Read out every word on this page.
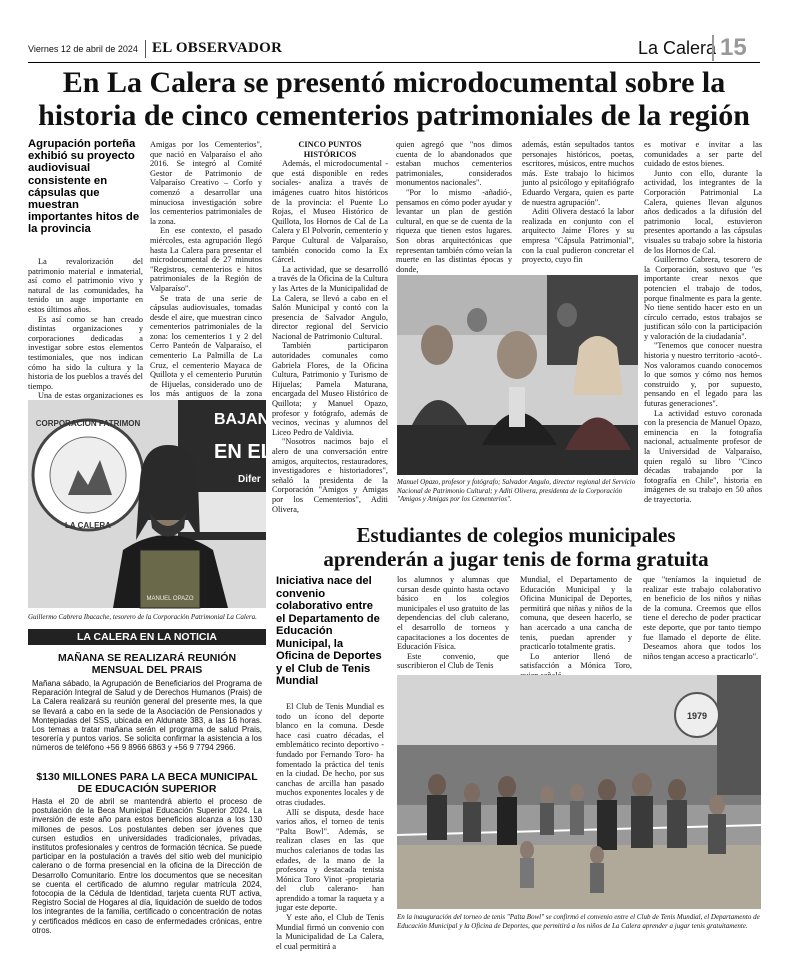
Viernes 12 de abril de 2024 EL OBSERVADOR	La Calera 15
En La Calera se presentó microdocumental sobre la
historia de cinco cementerios patrimoniales de la región
Agrupación porteña exhibió su proyecto audiovisual consistente en cápsulas que muestran importantes hitos de la provincia

La revalorización del patrimonio material e inmaterial, así como el patrimonio vivo y natural de las comunidades, ha tenido un auge importante en estos últimos años.

Es así como se han creado distintas organizaciones y corporaciones dedicadas a investigar sobre estos elementos testimoniales, que nos indican cómo ha sido la cultura y la historia de los pueblos a través del tiempo.

Una de estas organizaciones es

Amigas por los Cementerios", que nació en Valparaíso el año 2016. Se integró al Comité Gestor de Patrimonio de Valparaíso Creativo – Corfo y comenzó a desarrollar una minuciosa investigación sobre los cementerios patrimoniales de la zona.

En ese contexto, el pasado miércoles, esta agrupación llegó hasta La Calera para presentar el microdocumental de 27 minutos "Registros, cementerios e hitos patrimoniales de la Región de Valparaíso".

Se trata de una serie de cápsulas audiovisuales, tomadas desde el aire, que muestran cinco cementerios patrimoniales de la zona: los cementerios 1 y 2 del Cerro Panteón de Valparaíso, el cementerio La Palmilla de La Cruz, el cementerio Mayaca de Quillota y el cementerio Purutún de Hijuelas, considerado uno de los más antiguos de la zona

CINCO PUNTOS HISTÓRICOS

Además, el microdocumental -que está disponible en redes sociales- analiza a través de imágenes cuatro hitos históricos de la provincia: el Puente Lo Rojas, el Museo Histórico de Quillota, los Hornos de Cal de La Calera y El Polvorín, cementerio y Parque Cultural de Valparaíso, también conocido como la Ex Cárcel.

La actividad, que se desarrolló a través de la Oficina de la Cultura y las Artes de la Municipalidad de La Calera, se llevó a cabo en el Salón Municipal y contó con la presencia de Salvador Angulo, director regional del Servicio Nacional de Patrimonio Cultural.

También participaron autoridades comunales como Gabriela Flores, de la Oficina Cultura, Patrimonio y Turismo de Hijuelas; Pamela Maturana, encargada del Museo Histórico de Quillota; y Manuel Opazo, profesor y fotógrafo, además de vecinos, vecinas y alumnos del Liceo Pedro de Valdivia.

"Nosotros nacimos bajo el alero de una conversación entre amigos, arquitectos, restauradores, investigadores e historiadores", señaló la presidenta de la Corporación "Amigos y Amigas por los Cementerios", Aditi Olivera,

quien agregó que "nos dimos cuenta de lo abandonados que estaban muchos cementerios patrimoniales, considerados monumentos nacionales".

"Por lo mismo -añadió-, pensamos en cómo poder ayudar y levantar un plan de gestión cultural, en que se de cuenta de la riqueza que tienen estos lugares. Son obras arquitectónicas que representan también cómo veían la muerte en las distintas épocas y donde,

además, están sepultados tantos personajes históricos, poetas, escritores, músicos, entre muchos más. Este trabajo lo hicimos junto al psicólogo y epitafiógrafo Eduardo Vergara, quien es parte de nuestra agrupación".

Aditi Olivera destacó la labor realizada en conjunto con el arquitecto Jaime Flores y su empresa "Cápsula Patrimonial", con la cual pudieron concretar el proyecto, cuyo fin

es motivar e invitar a las comunidades a ser parte del cuidado de estos bienes.

Junto con ello, durante la actividad, los integrantes de la Corporación Patrimonial La Calera, quienes llevan algunos años dedicados a la difusión del patrimonio local, estuvieron presentes aportando a las cápsulas visuales su trabajo sobre la historia de los Hornos de Cal.

Guillermo Cabrera, tesorero de la Corporación, sostuvo que "es importante crear nexos que potencien el trabajo de todos, porque finalmente es para la gente. No tiene sentido hacer esto en un círculo cerrado, estos trabajos se justifican sólo con la participación y valoración de la ciudadanía".

"Tenemos que conocer nuestra historia y nuestro territorio -acotó-. Nos valoramos cuando conocemos lo que somos y cómo nos hemos construido y, por supuesto, pensando en el legado para las futuras generaciones".

La actividad estuvo coronada con la presencia de Manuel Opazo, eminencia en la fotografía nacional, actualmente profesor de la Universidad de Valparaíso, quien regaló su libro "Cinco décadas trabajando por la fotografía en Chile", historia en imágenes de su trabajo en 50 años de trayectoria.

CORPORACION PATRIMON
LA CALERA
BAJAN
EN EL
Difer
MANUEL OPAZO
Guillermo Cabrera Ibacache, tesorero de la Corporación Patrimonial La Calera.
Manuel Opazo, profesor y fotógrafo; Salvador Angulo, director regional del Servicio Nacional de Patrimonio Cultural; y Aditi Olivera, presidenta de la Corporación "Amigos y Amigas por los Cementerios".
LA CALERA EN LA NOTICIA
MAÑANA SE REALIZARÁ REUNIÓN MENSUAL DEL PRAIS

Mañana sábado, la Agrupación de Beneficiarios del Programa de Reparación Integral de Salud y de Derechos Humanos (Prais) de La Calera realizará su reunión general del presente mes, la que se llevará a cabo en la sede de la Asociación de Pensionados y Montepiadas del SSS, ubicada en Aldunate 383, a las 16 horas. Los temas a tratar mañana serán el programa de salud Prais, tesorería y puntos varios. Se solicita confirmar la asistencia a los números de teléfono +56 9 8966 6863 y +56 9 7794 2966.

$130 MILLONES PARA LA BECA MUNICIPAL DE EDUCACIÓN SUPERIOR

Hasta el 20 de abril se mantendrá abierto el proceso de postulación de la Beca Municipal Educación Superior 2024. La inversión de este año para estos beneficios alcanza a los 130 millones de pesos. Los postulantes deben ser jóvenes que cursen estudios en universidades tradicionales, privadas, institutos profesionales y centros de formación técnica. Se puede participar en la postulación a través del sitio web del municipio calerano o de forma presencial en la oficina de la Dirección de Desarrollo Comunitario. Entre los documentos que se necesitan se cuenta el certificado de alumno regular matrícula 2024, fotocopia de la Cédula de Identidad, tarjeta cuenta RUT activa, Registro Social de Hogares al día, liquidación de sueldo de todos los integrantes de la familia, certificado o concentración de notas y certificados médicos en caso de enfermedades crónicas, entre otros.

Estudiantes de colegios municipales
aprenderán a jugar tenis de forma gratuita
Iniciativa nace del convenio colaborativo entre el Departamento de Educación Municipal, la Oficina de Deportes y el Club de Tenis Mundial

El Club de Tenis Mundial es todo un ícono del deporte blanco en la comuna. Desde hace casi cuatro décadas, el emblemático recinto deportivo -fundado por Fernando Toro- ha fomentado la práctica del tenis en la ciudad. De hecho, por sus canchas de arcilla han pasado muchos exponentes locales y de otras ciudades.

Allí se disputa, desde hace varios años, el torneo de tenis "Palta Bowl". Además, se realizan clases en las que muchos calerianos de todas las edades, de la mano de la profesora y destacada tenista Mónica Toro Vinot -propietaria del club calerano- han aprendido a tomar la raqueta y a jugar este deporte.

Y este año, el Club de Tenis Mundial firmó un convenio con la Municipalidad de La Calera, el cual permitirá a

los alumnos y alumnas que cursan desde quinto hasta octavo básico en los colegios municipales el uso gratuito de las dependencias del club calerano, el desarrollo de torneos y capacitaciones a los docentes de Educación Física.

Este convenio, que suscribieron el Club de Tenis

Mundial, el Departamento de Educación Municipal y la Oficina Municipal de Deportes, permitirá que niñas y niños de la comuna, que deseen hacerlo, se han acercado a una cancha de tenis, puedan aprender y practicarlo totalmente gratis.

Lo anterior llenó de satisfacción a Mónica Toro,

que "teníamos la inquietud de realizar este trabajo colaborativo en beneficio de los niños y niñas de la comuna. Creemos que ellos tiene el derecho de poder practicar este deporte, que por tanto tiempo fue llamado el deporte de élite. Deseamos ahora que todos los niños tengan acceso a practicarlo".

1979
En la inauguración del torneo de tenis "Palta Bowl" se confirmó el convenio entre el Club de Tenis Mundial, el Departamento de Educación Municipal y la Oficina de Deportes, que permitirá a los niños de La Calera aprender a jugar tenis gratuitamente.
